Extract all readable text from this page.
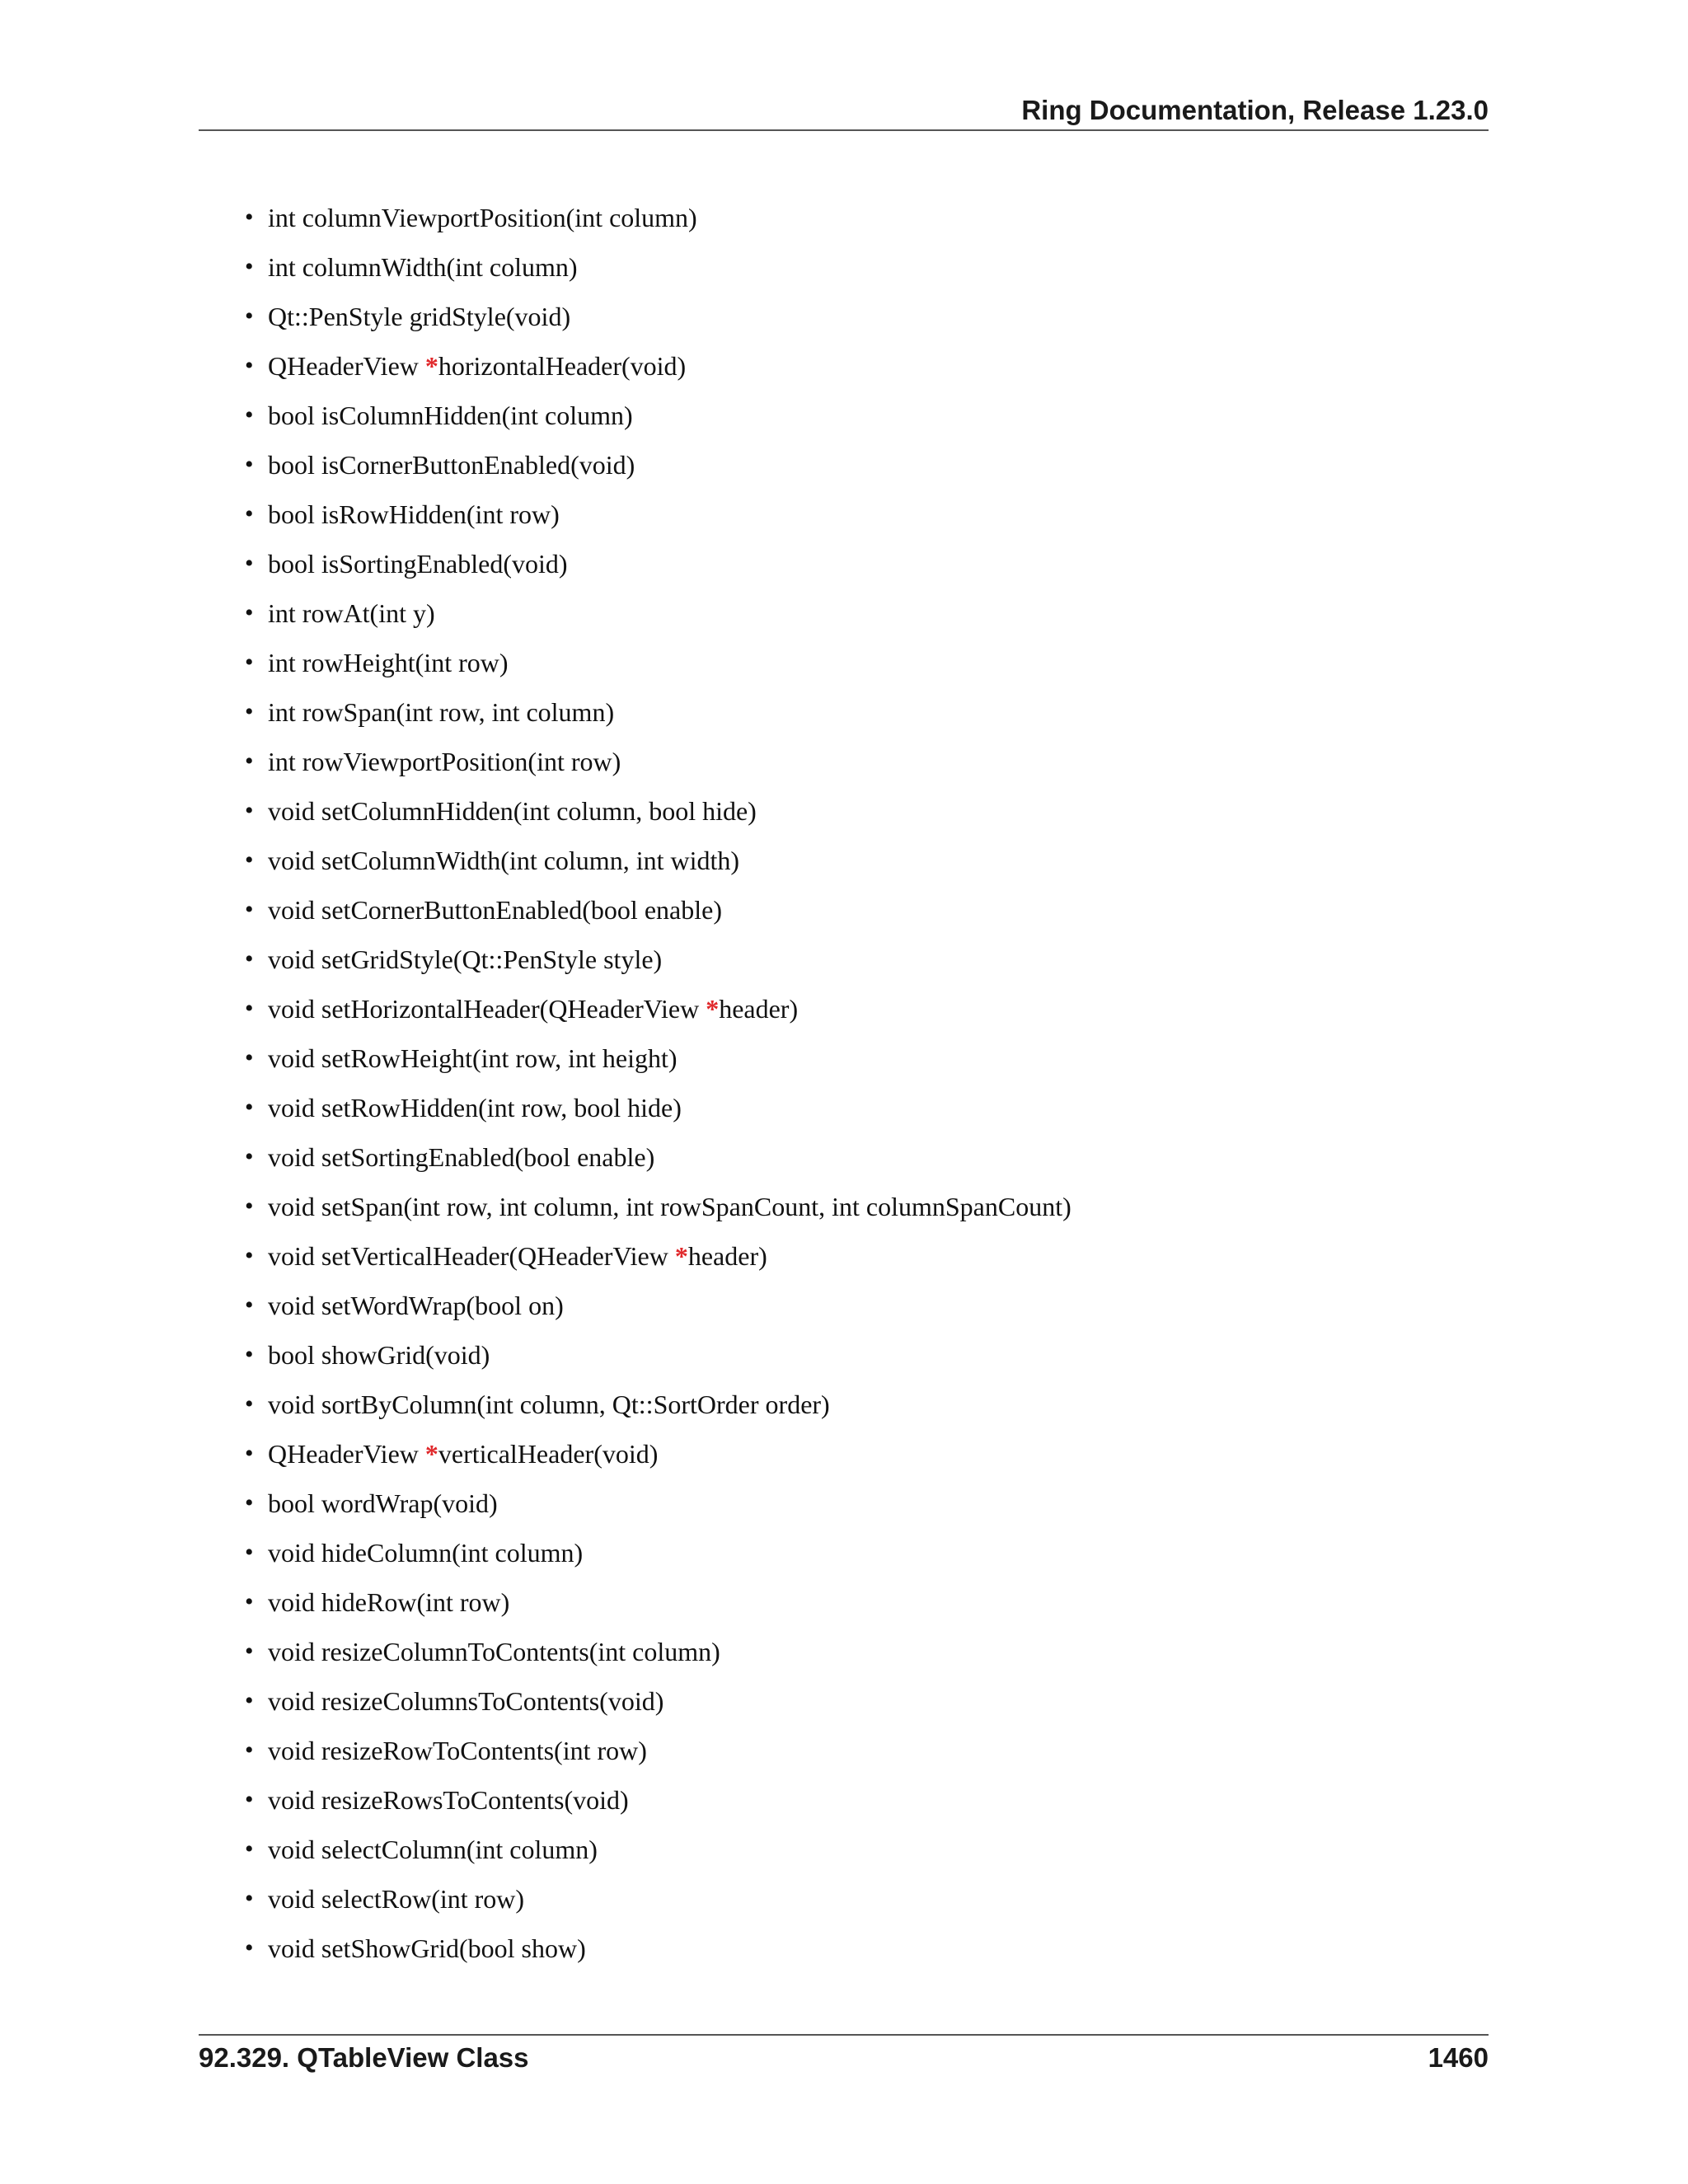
Ring Documentation, Release 1.23.0
• int columnViewportPosition(int column)
• int columnWidth(int column)
• Qt::PenStyle gridStyle(void)
• QHeaderView *horizontalHeader(void)
• bool isColumnHidden(int column)
• bool isCornerButtonEnabled(void)
• bool isRowHidden(int row)
• bool isSortingEnabled(void)
• int rowAt(int y)
• int rowHeight(int row)
• int rowSpan(int row, int column)
• int rowViewportPosition(int row)
• void setColumnHidden(int column, bool hide)
• void setColumnWidth(int column, int width)
• void setCornerButtonEnabled(bool enable)
• void setGridStyle(Qt::PenStyle style)
• void setHorizontalHeader(QHeaderView *header)
• void setRowHeight(int row, int height)
• void setRowHidden(int row, bool hide)
• void setSortingEnabled(bool enable)
• void setSpan(int row, int column, int rowSpanCount, int columnSpanCount)
• void setVerticalHeader(QHeaderView *header)
• void setWordWrap(bool on)
• bool showGrid(void)
• void sortByColumn(int column, Qt::SortOrder order)
• QHeaderView *verticalHeader(void)
• bool wordWrap(void)
• void hideColumn(int column)
• void hideRow(int row)
• void resizeColumnToContents(int column)
• void resizeColumnsToContents(void)
• void resizeRowToContents(int row)
• void resizeRowsToContents(void)
• void selectColumn(int column)
• void selectRow(int row)
• void setShowGrid(bool show)
92.329. QTableView Class	1460
